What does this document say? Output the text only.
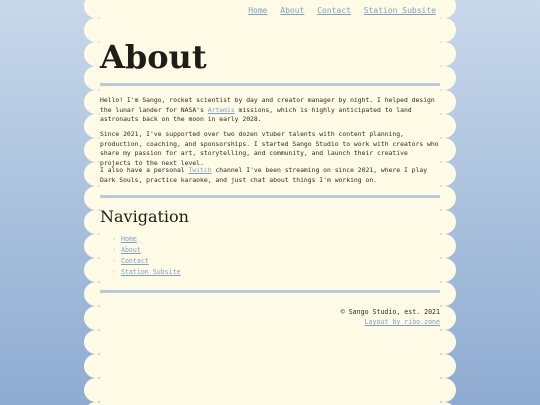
Home About Contact Station Subsite
About

Hello! I'm Sango, rocket scientist by day and creator manager by night. I helped design the lunar lander for NASA's Artemis missions, which is highly anticipated to land astronauts back on the moon in early 2028.

Since 2021, I've supported over two dozen vtuber talents with content planning, production, coaching, and sponsorships. I started Sango Studio to work with creators who share my passion for art, storytelling, and community, and launch their creative projects to the next level.

I also have a personal Twitch channel I've been streaming on since 2021, where I play Dark Souls, practice karaoke, and just chat about things I'm working on.

Navigation
◦ Home
◦ About
◦ Contact
◦ Station Subsite
© Sango Studio, est. 2021
Layout by ribo.zone
